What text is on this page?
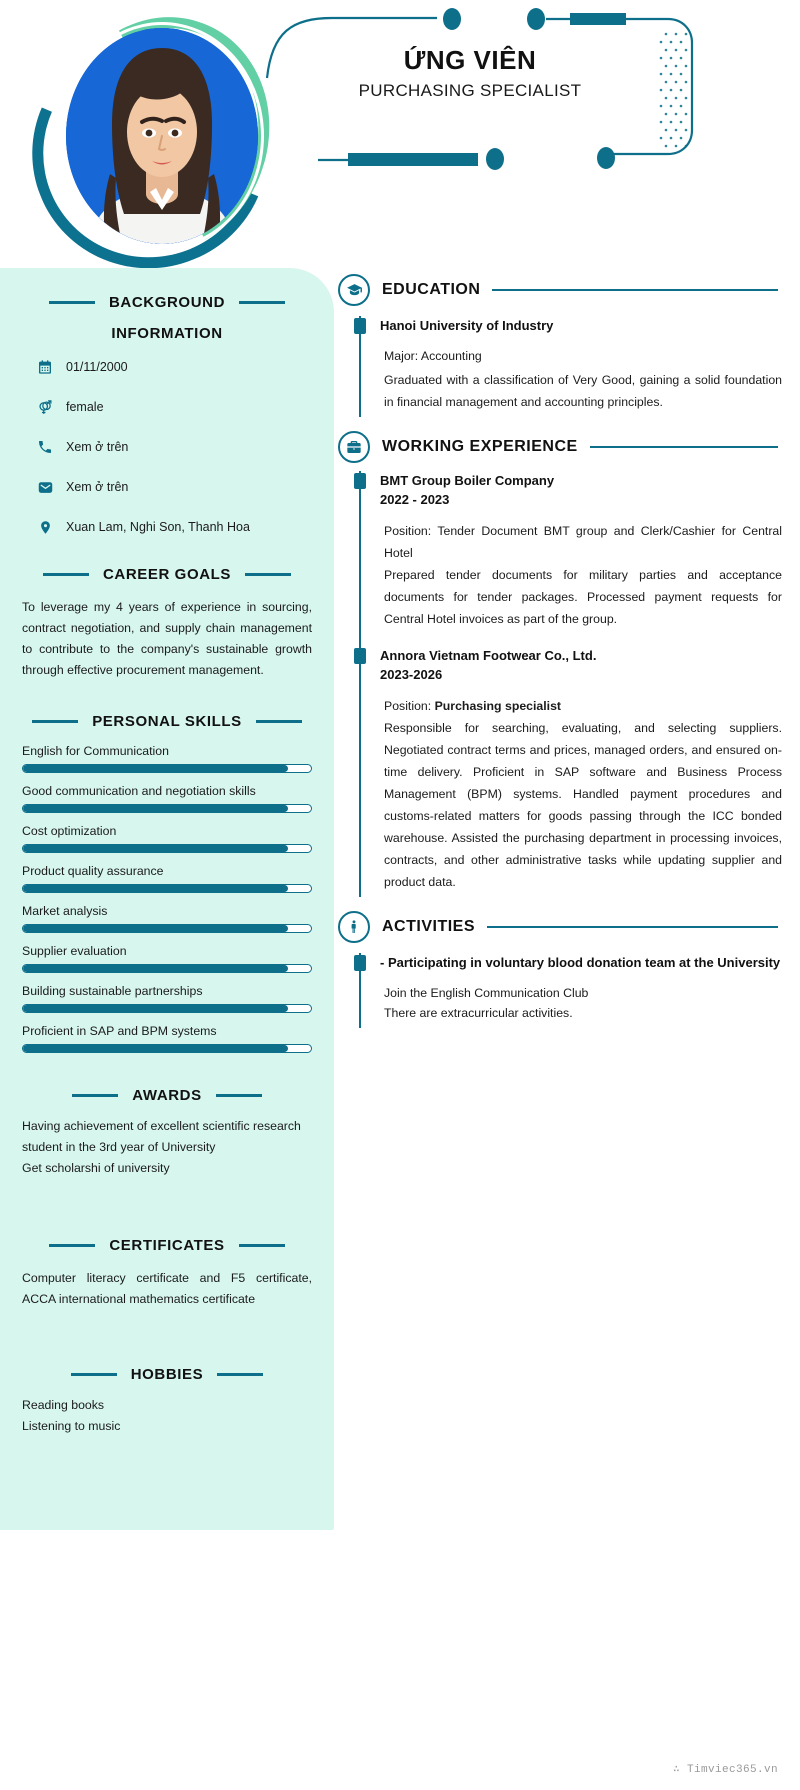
ỨNG VIÊN
PURCHASING SPECIALIST
BACKGROUND
INFORMATION
01/11/2000
female
Xem ở trên
Xem ở trên
Xuan Lam, Nghi Son, Thanh Hoa
CAREER GOALS
To leverage my 4 years of experience in sourcing, contract negotiation, and supply chain management to contribute to the company's sustainable growth through effective procurement management.
PERSONAL SKILLS
English for Communication
Good communication and negotiation skills
Cost optimization
Product quality assurance
Market analysis
Supplier evaluation
Building sustainable partnerships
Proficient in SAP and BPM systems
AWARDS
Having achievement of excellent scientific research student in the 3rd year of University
Get scholarshi of university
CERTIFICATES
Computer literacy certificate and F5 certificate, ACCA international mathematics certificate
HOBBIES
Reading books
Listening to music
EDUCATION
Hanoi University of Industry
Major: Accounting
Graduated with a classification of Very Good, gaining a solid foundation in financial management and accounting principles.
WORKING EXPERIENCE
BMT Group Boiler Company
2022 - 2023
Position: Tender Document BMT group and Clerk/Cashier for Central Hotel
Prepared tender documents for military parties and acceptance documents for tender packages. Processed payment requests for Central Hotel invoices as part of the group.
Annora Vietnam Footwear Co., Ltd.
2023-2026
Position: Purchasing specialist
Responsible for searching, evaluating, and selecting suppliers. Negotiated contract terms and prices, managed orders, and ensured on-time delivery. Proficient in SAP software and Business Process Management (BPM) systems. Handled payment procedures and customs-related matters for goods passing through the ICC bonded warehouse. Assisted the purchasing department in processing invoices, contracts, and other administrative tasks while updating supplier and product data.
ACTIVITIES
- Participating in voluntary blood donation team at the University
Join the English Communication Club
There are extracurricular activities.
∴ Timviec365.vn
